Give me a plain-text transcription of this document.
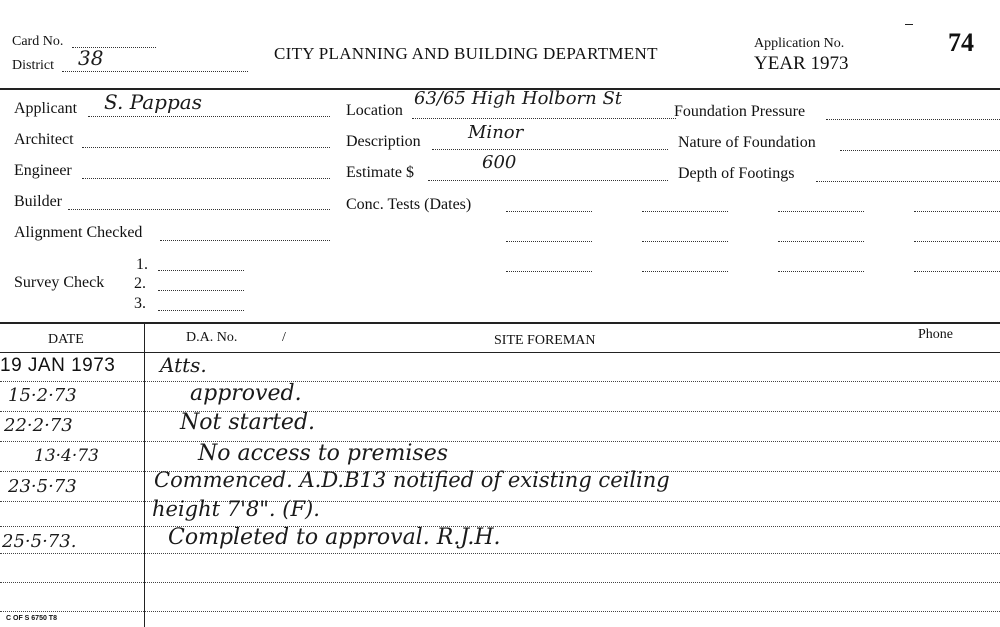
Card No.
District 38	CITY PLANNING AND BUILDING DEPARTMENT
Application No.
YEAR 1973
74
Applicant S. Pappas
Architect
Engineer
Builder
Alignment Checked
Survey Check
1.
2.
3.
Location
63/65 High Holborn St
Description	Minor
Estimate $	600
Conc. Tests (Dates)
Foundation Pressure
Nature of Foundation
Depth of Footings
DATE	D.A. No.	/	SITE FOREMAN	Phone
19 JAN 1973 Atts.
15·2·73	approved.
22·2·73	Not started.
13·4·73	No access to premises
23·5·73	Commenced. A.D.B13 notified of existing ceiling
height 7'8". (F).
25·5·73.	Completed to approval. R.J.H.
C OF S 6750 T8
